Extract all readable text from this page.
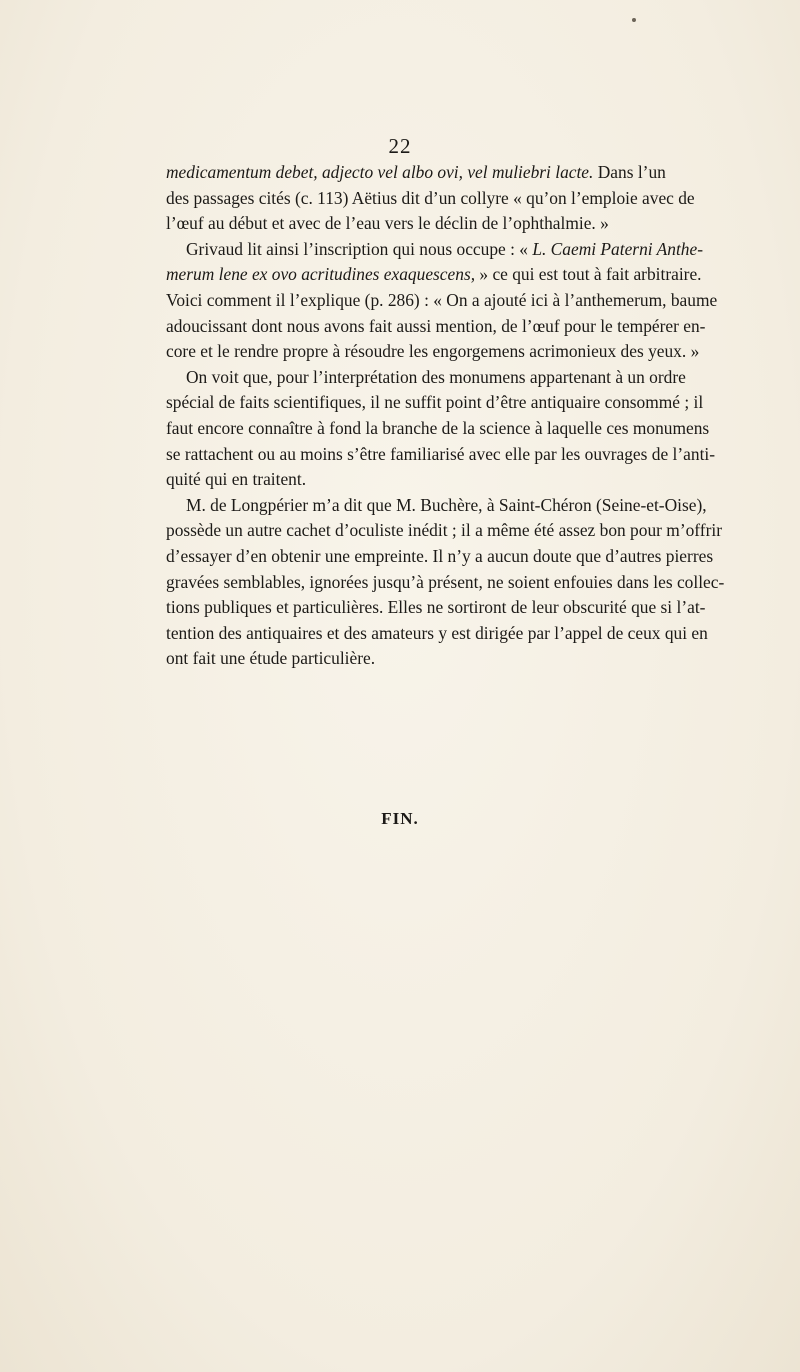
22
medicamentum debet, adjecto vel albo ovi, vel muliebri lacte. Dans l’un
des passages cités (c. 113) Aëtius dit d’un collyre « qu’on l’emploie avec de
l’œuf au début et avec de l’eau vers le déclin de l’ophthalmie. »
Grivaud lit ainsi l’inscription qui nous occupe : « L. Caemi Paterni Anthe-
merum lene ex ovo acritudines exaquescens, » ce qui est tout à fait arbitraire.
Voici comment il l’explique (p. 286) : « On a ajouté ici à l’anthemerum, baume
adoucissant dont nous avons fait aussi mention, de l’œuf pour le tempérer en-
core et le rendre propre à résoudre les engorgemens acrimonieux des yeux. »
On voit que, pour l’interprétation des monumens appartenant à un ordre
spécial de faits scientifiques, il ne suffit point d’être antiquaire consommé ; il
faut encore connaître à fond la branche de la science à laquelle ces monumens
se rattachent ou au moins s’être familiarisé avec elle par les ouvrages de l’anti-
quité qui en traitent.
M. de Longpérier m’a dit que M. Buchère, à Saint-Chéron (Seine-et-Oise),
possède un autre cachet d’oculiste inédit ; il a même été assez bon pour m’offrir
d’essayer d’en obtenir une empreinte. Il n’y a aucun doute que d’autres pierres
gravées semblables, ignorées jusqu’à présent, ne soient enfouies dans les collec-
tions publiques et particulières. Elles ne sortiront de leur obscurité que si l’at-
tention des antiquaires et des amateurs y est dirigée par l’appel de ceux qui en
ont fait une étude particulière.
FIN.
